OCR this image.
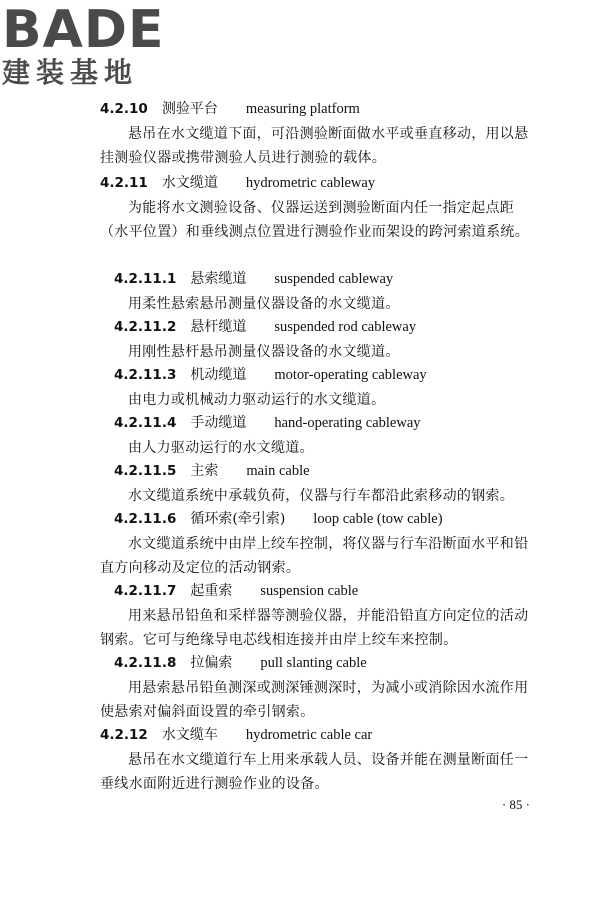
BADE
建装基地
4.2.10 测验平台 measuring platform
悬吊在水文缆道下面，可沿测验断面做水平或垂直移动，用以悬挂测验仪器或携带测验人员进行测验的载体。
4.2.11 水文缆道 hydrometric cableway
为能将水文测验设备、仪器运送到测验断面内任一指定起点距（水平位置）和垂线测点位置进行测验作业而架设的跨河索道系统。
4.2.11.1 悬索缆道 suspended cableway
用柔性悬索悬吊测量仪器设备的水文缆道。
4.2.11.2 悬杆缆道 suspended rod cableway
用刚性悬杆悬吊测量仪器设备的水文缆道。
4.2.11.3 机动缆道 motor-operating cableway
由电力或机械动力驱动运行的水文缆道。
4.2.11.4 手动缆道 hand-operating cableway
由人力驱动运行的水文缆道。
4.2.11.5 主索 main cable
水文缆道系统中承载负荷，仪器与行车都沿此索移动的钢索。
4.2.11.6 循环索(牵引索) loop cable (tow cable)
水文缆道系统中由岸上绞车控制，将仪器与行车沿断面水平和铅直方向移动及定位的活动钢索。
4.2.11.7 起重索 suspension cable
用来悬吊铅鱼和采样器等测验仪器，并能沿铅直方向定位的活动钢索。它可与绝缘导电芯线相连接并由岸上绞车来控制。
4.2.11.8 拉偏索 pull slanting cable
用悬索悬吊铅鱼测深或测深锤测深时，为减小或消除因水流作用使悬索对偏斜面设置的牵引钢索。
4.2.12 水文缆车 hydrometric cable car
悬吊在水文缆道行车上用来承载人员、设备并能在测量断面任一垂线水面附近进行测验作业的设备。
· 85 ·
